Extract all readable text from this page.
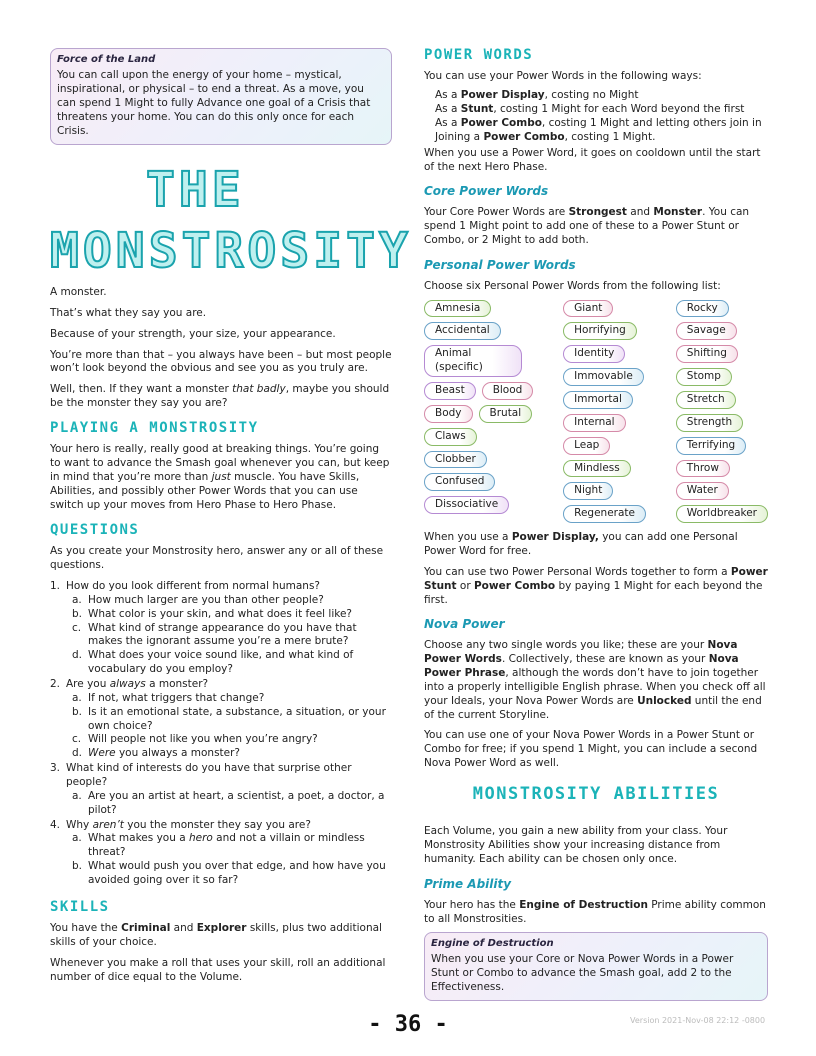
Force of the Land
You can call upon the energy of your home – mystical, inspirational, or physical – to end a threat. As a move, you can spend 1 Might to fully Advance one goal of a Crisis that threatens your home. You can do this only once for each Crisis.
THE
MONSTROSITY

A monster.

That’s what they say you are.

Because of your strength, your size, your appearance.

You’re more than that – you always have been – but most people won’t look beyond the obvious and see you as you truly are.

Well, then. If they want a monster that badly, maybe you should be the monster they say you are?

PLAYING A MONSTROSITY

Your hero is really, really good at breaking things. You’re going to want to advance the Smash goal whenever you can, but keep in mind that you’re more than just muscle. You have Skills, Abilities, and possibly other Power Words that you can use switch up your moves from Hero Phase to Hero Phase.

QUESTIONS

As you create your Monstrosity hero, answer any or all of these questions.

1. How do you look different from normal humans?
a. How much larger are you than other people?
b. What color is your skin, and what does it feel like?
c. What kind of strange appearance do you have that makes the ignorant assume you’re a mere brute?
d. What does your voice sound like, and what kind of vocabulary do you employ?
2. Are you always a monster?
a. If not, what triggers that change?
b. Is it an emotional state, a substance, a situation, or your own choice?
c. Will people not like you when you’re angry?
d. Were you always a monster?
3. What kind of interests do you have that surprise other people?
a. Are you an artist at heart, a scientist, a poet, a doctor, a pilot?
4. Why aren’t you the monster they say you are?
a. What makes you a hero and not a villain or mindless threat?
b. What would push you over that edge, and how have you avoided going over it so far?
SKILLS

You have the Criminal and Explorer skills, plus two additional skills of your choice.

Whenever you make a roll that uses your skill, roll an additional number of dice equal to the Volume.

POWER WORDS

You can use your Power Words in the following ways:

As a Power Display, costing no Might
As a Stunt, costing 1 Might for each Word beyond the first
As a Power Combo, costing 1 Might and letting others join in
Joining a Power Combo, costing 1 Might.

When you use a Power Word, it goes on cooldown until the start of the next Hero Phase.

Core Power Words

Your Core Power Words are Strongest and Monster. You can spend 1 Might point to add one of these to a Power Stunt or Combo, or 2 Might to add both.

Personal Power Words

Choose six Personal Power Words from the following list:

Amnesia
Accidental
Animal (specific)
Beast	Blood
Body	Brutal
Claws
Clobber
Confused
Dissociative
Giant
Horrifying
Identity
Immovable
Immortal
Internal
Leap
Mindless
Night
Regenerate
Rocky
Savage
Shifting
Stomp
Stretch
Strength
Terrifying
Throw
Water
Worldbreaker

When you use a Power Display, you can add one Personal Power Word for free.

You can use two Power Personal Words together to form a Power Stunt or Power Combo by paying 1 Might for each beyond the first.

Nova Power

Choose any two single words you like; these are your Nova Power Words. Collectively, these are known as your Nova Power Phrase, although the words don’t have to join together into a properly intelligible English phrase. When you check off all your Ideals, your Nova Power Words are Unlocked until the end of the current Storyline.

You can use one of your Nova Power Words in a Power Stunt or Combo for free; if you spend 1 Might, you can include a second Nova Power Word as well.

MONSTROSITY ABILITIES

Each Volume, you gain a new ability from your class. Your Monstrosity Abilities show your increasing distance from humanity. Each ability can be chosen only once.

Prime Ability

Your hero has the Engine of Destruction Prime ability common to all Monstrosities.

Engine of Destruction
When you use your Core or Nova Power Words in a Power Stunt or Combo to advance the Smash goal, add 2 to the Effectiveness.
- 36 -	Version 2021-Nov-08 22:12 -0800
